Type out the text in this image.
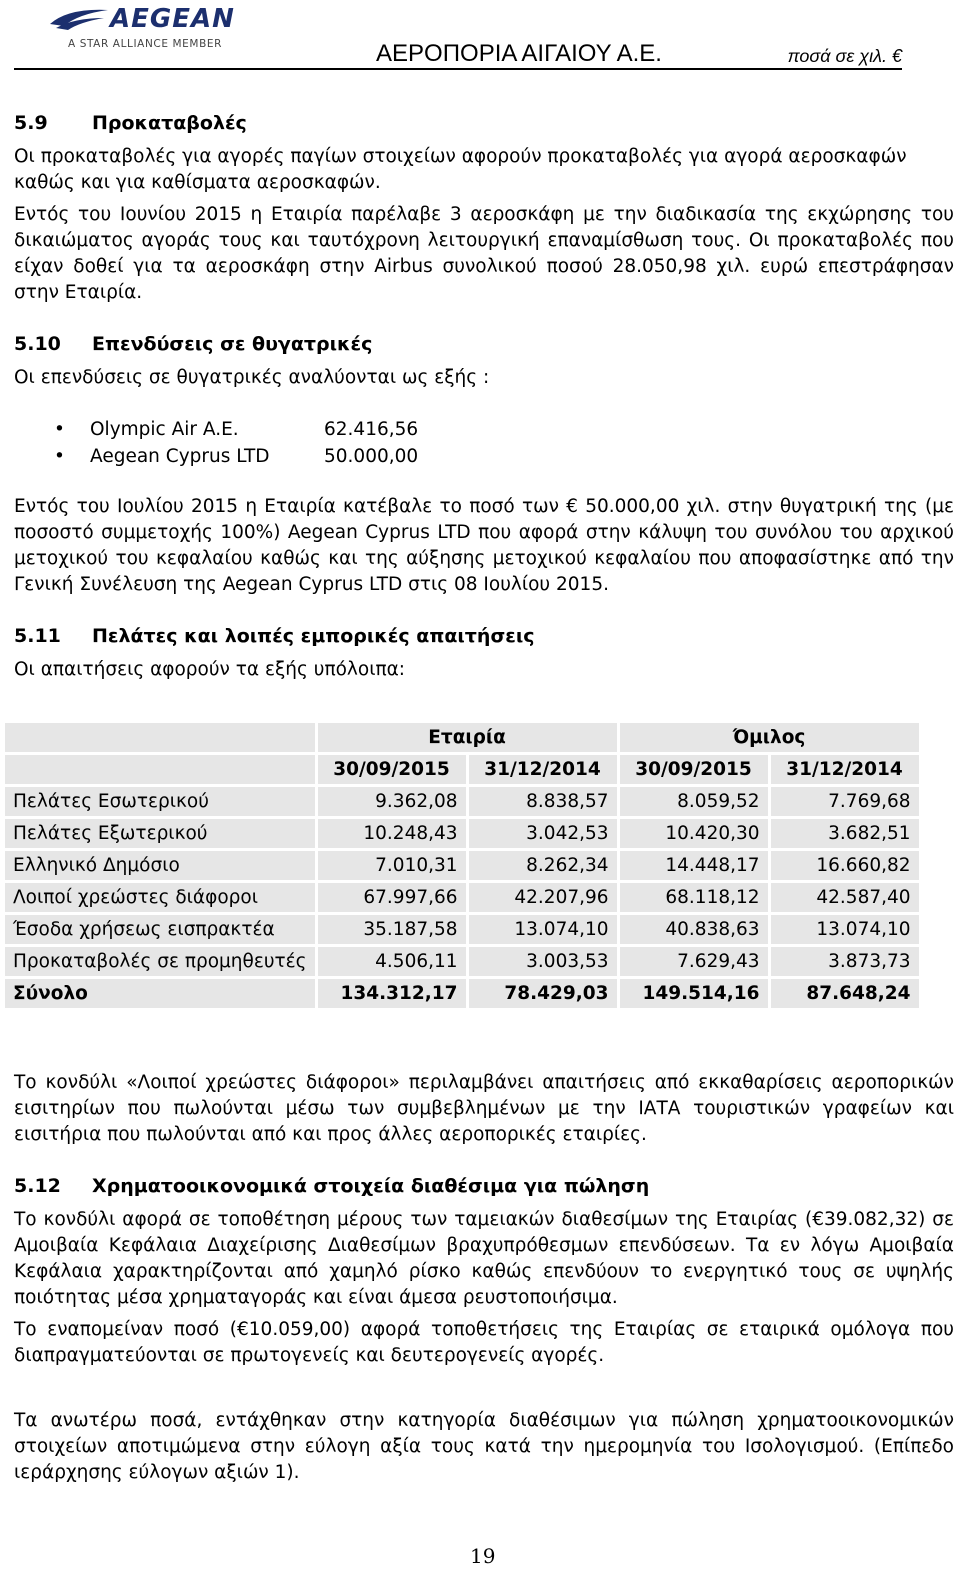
AEGEAN
A STAR ALLIANCE MEMBER	ΑΕΡΟΠΟΡΙΑ ΑΙΓΑΙΟΥ Α.Ε.	ποσά σε χιλ. €
5.9 Προκαταβολές
Οι προκαταβολές για αγορές παγίων στοιχείων αφορούν προκαταβολές για αγορά αεροσκαφών καθώς και για καθίσματα αεροσκαφών.
Εντός του Ιουνίου 2015 η Εταιρία παρέλαβε 3 αεροσκάφη με την διαδικασία της εκχώρησης του δικαιώματος αγοράς τους και ταυτόχρονη λειτουργική επαναμίσθωση τους. Οι προκαταβολές που είχαν δοθεί για τα αεροσκάφη στην Airbus συνολικού ποσού 28.050,98 χιλ. ευρώ επεστράφησαν στην Εταιρία.
5.10 Επενδύσεις σε θυγατρικές
Οι επενδύσεις σε θυγατρικές αναλύονται ως εξής :
•	Olympic Air A.E.	62.416,56
•	Aegean Cyprus LTD	50.000,00
Εντός του Ιουλίου 2015 η Εταιρία κατέβαλε το ποσό των € 50.000,00 χιλ. στην θυγατρική της (με ποσοστό συμμετοχής 100%) Aegean Cyprus LTD που αφορά στην κάλυψη του συνόλου του αρχικού μετοχικού του κεφαλαίου καθώς και της αύξησης μετοχικού κεφαλαίου που αποφασίστηκε από την Γενική Συνέλευση της Aegean Cyprus LTD στις 08 Ιουλίου 2015.
5.11 Πελάτες και λοιπές εμπορικές απαιτήσεις
Οι απαιτήσεις αφορούν τα εξής υπόλοιπα:
	Εταιρία		Όμιλος	
	30/09/2015	31/12/2014	30/09/2015	31/12/2014
Πελάτες Εσωτερικού	9.362,08	8.838,57	8.059,52	7.769,68
Πελάτες Εξωτερικού	10.248,43	3.042,53	10.420,30	3.682,51
Ελληνικό Δημόσιο	7.010,31	8.262,34	14.448,17	16.660,82
Λοιποί χρεώστες διάφοροι	67.997,66	42.207,96	68.118,12	42.587,40
Έσοδα χρήσεως εισπρακτέα	35.187,58	13.074,10	40.838,63	13.074,10
Προκαταβολές σε προμηθευτές	4.506,11	3.003,53	7.629,43	3.873,73
Σύνολο	134.312,17	78.429,03	149.514,16	87.648,24
Το κονδύλι «Λοιποί χρεώστες διάφοροι» περιλαμβάνει απαιτήσεις από εκκαθαρίσεις αεροπορικών εισιτηρίων που πωλούνται μέσω των συμβεβλημένων με την ΙΑΤΑ τουριστικών γραφείων και εισιτήρια που πωλούνται από και προς άλλες αεροπορικές εταιρίες.
5.12 Χρηματοοικονομικά στοιχεία διαθέσιμα για πώληση
Το κονδύλι αφορά σε τοποθέτηση μέρους των ταμειακών διαθεσίμων της Εταιρίας (€39.082,32) σε Αμοιβαία Κεφάλαια Διαχείρισης Διαθεσίμων βραχυπρόθεσμων επενδύσεων. Τα εν λόγω Αμοιβαία Κεφάλαια χαρακτηρίζονται από χαμηλό ρίσκο καθώς επενδύουν το ενεργητικό τους σε υψηλής ποιότητας μέσα χρηματαγοράς και είναι άμεσα ρευστοποιήσιμα.
Το εναπομείναν ποσό (€10.059,00) αφορά τοποθετήσεις της Εταιρίας σε εταιρικά ομόλογα που διαπραγματεύονται σε πρωτογενείς και δευτερογενείς αγορές.
Τα ανωτέρω ποσά, εντάχθηκαν στην κατηγορία διαθέσιμων για πώληση χρηματοοικονομικών στοιχείων αποτιμώμενα στην εύλογη αξία τους κατά την ημερομηνία του Ισολογισμού. (Επίπεδο ιεράρχησης εύλογων αξιών 1).
19
